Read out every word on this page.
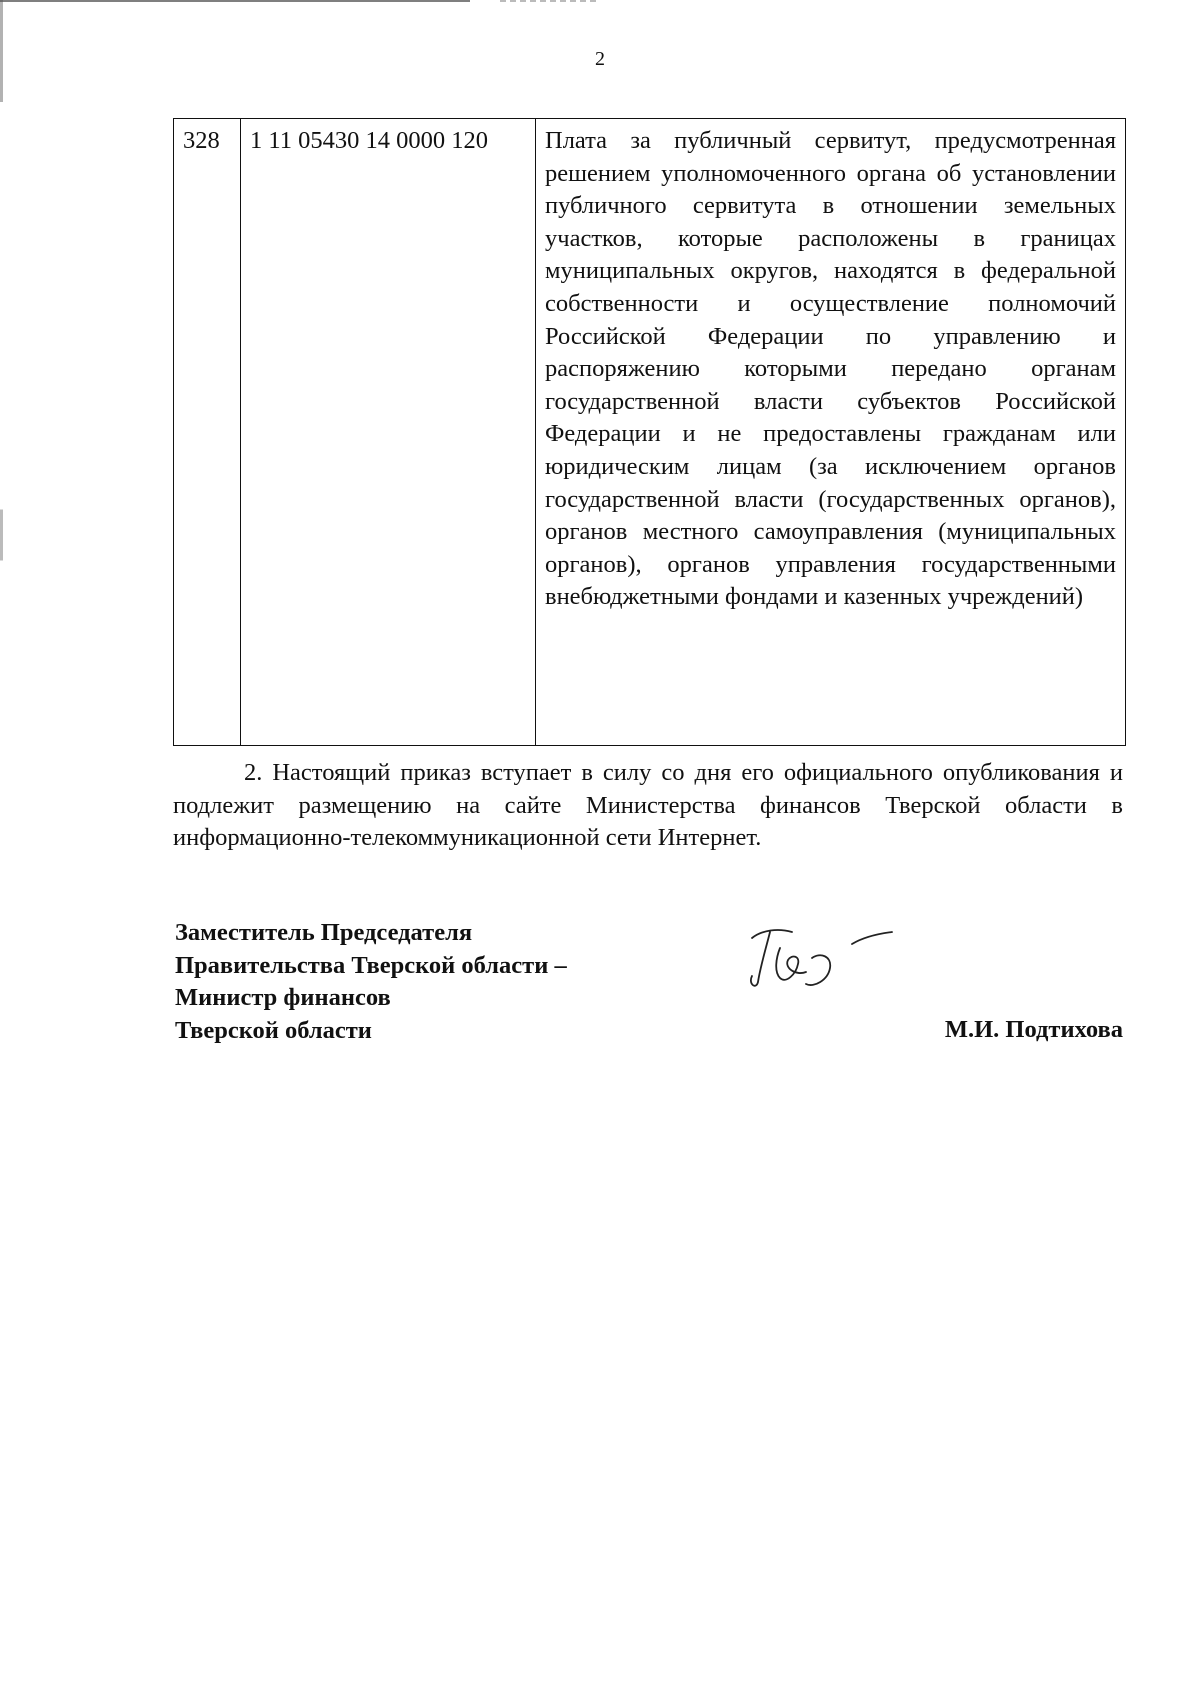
2
328	1 11 05430 14 0000 120	Плата за публичный сервитут, предусмотренная решением уполномоченного органа об установлении публичного сервитута в отношении земельных участков, которые расположены в границах муниципальных округов, находятся в федеральной собственности и осуществление полномочий Российской Федерации по управлению и распоряжению которыми передано органам государственной власти субъектов Российской Федерации и не предоставлены гражданам или юридическим лицам (за исключением органов государственной власти (государственных органов), органов местного самоуправления (муниципальных органов), органов управления государственными внебюджетными фондами и казенных учреждений)
2. Настоящий приказ вступает в силу со дня его официального опубликования и подлежит размещению на сайте Министерства финансов Тверской области в информационно-телекоммуникационной сети Интернет.
Заместитель Председателя
Правительства Тверской области –
Министр финансов
Тверской области	М.И. Подтихова
